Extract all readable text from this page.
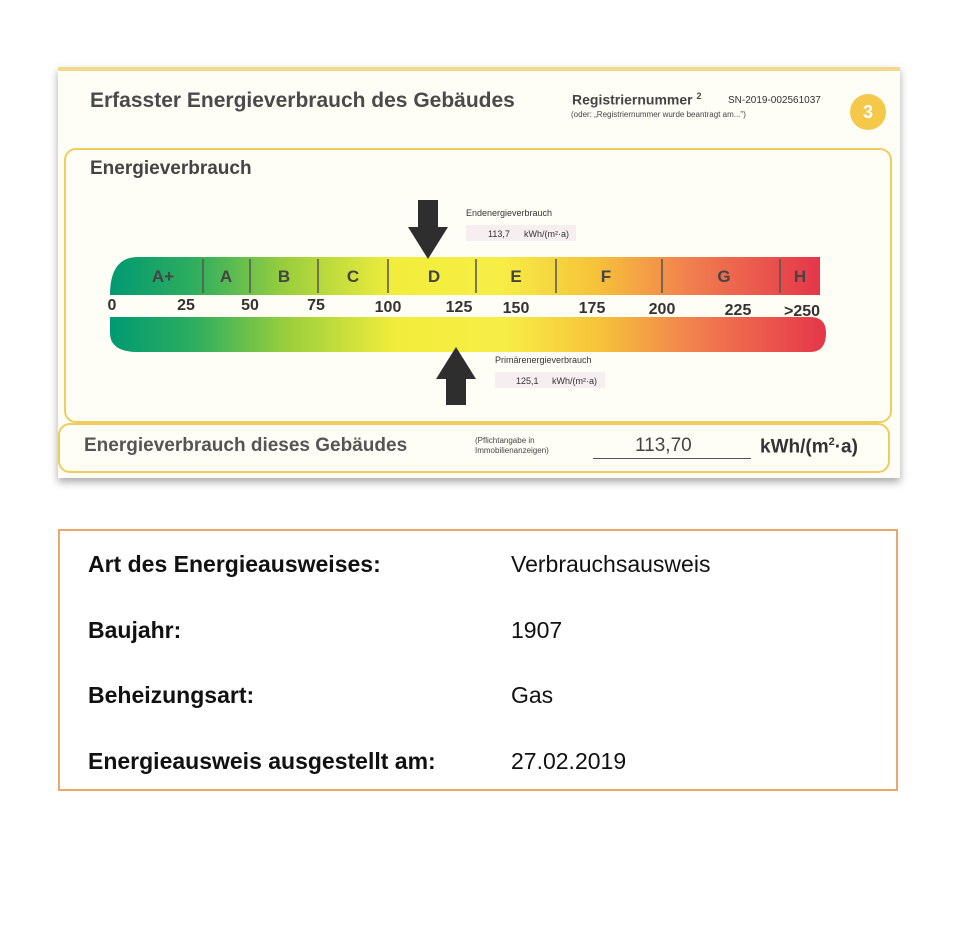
Erfasster Energieverbrauch des Gebäudes	Registriernummer $^2$	SN-2019-002561037
(oder: „Registriernummer wurde beantragt am...")	3
Energieverbrauch
A+	A	B	C	D	E	F	G	H
0	25	50	75	100	125 150	175	200	225 >250
Endenergieverbrauch
113,7 kWh/(m²·a)
Primärenergieverbrauch
125,1 kWh/(m²·a)
Energieverbrauch dieses Gebäudes	(Pflichtangabe in
Immobilienanzeigen)	113,70	kWh/$(m^2\cdot a)$
Art des Energieausweises:	Verbrauchsausweis
Baujahr:	1907
Beheizungsart:	Gas
Energieausweis ausgestellt am:	27.02.2019
